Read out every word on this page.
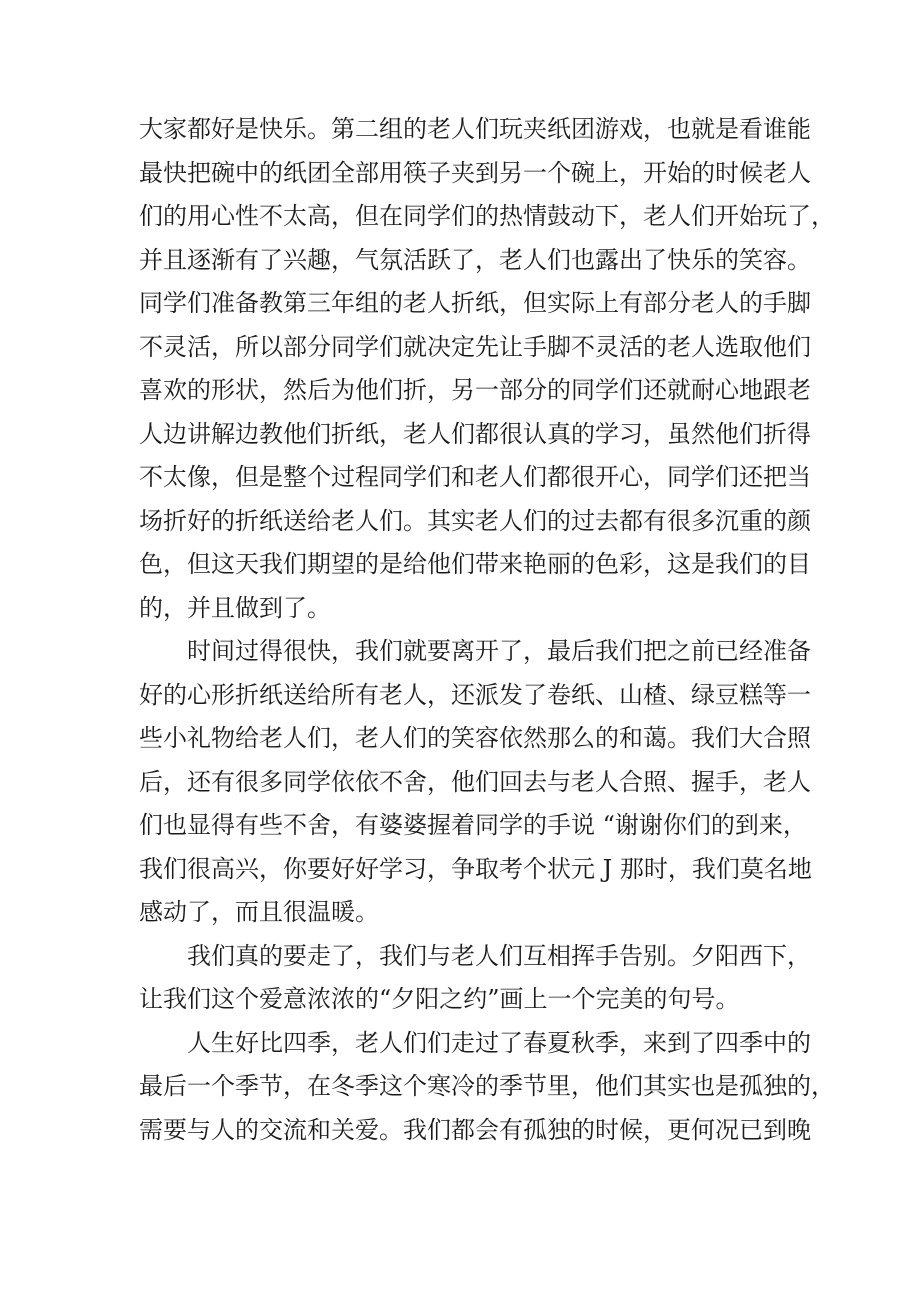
大家都好是快乐。第二组的老人们玩夹纸团游戏，也就是看谁能
最快把碗中的纸团全部用筷子夹到另一个碗上，开始的时候老人
们的用心性不太高，但在同学们的热情鼓动下，老人们开始玩了，
并且逐渐有了兴趣，气氛活跃了，老人们也露出了快乐的笑容。
同学们准备教第三年组的老人折纸，但实际上有部分老人的手脚
不灵活，所以部分同学们就决定先让手脚不灵活的老人选取他们
喜欢的形状，然后为他们折，另一部分的同学们还就耐心地跟老
人边讲解边教他们折纸，老人们都很认真的学习，虽然他们折得
不太像，但是整个过程同学们和老人们都很开心，同学们还把当
场折好的折纸送给老人们。其实老人们的过去都有很多沉重的颜
色，但这天我们期望的是给他们带来艳丽的色彩，这是我们的目
的，并且做到了。
时间过得很快，我们就要离开了，最后我们把之前已经准备
好的心形折纸送给所有老人，还派发了卷纸、山楂、绿豆糕等一
些小礼物给老人们，老人们的笑容依然那么的和蔼。我们大合照
后，还有很多同学依依不舍，他们回去与老人合照、握手，老人
们也显得有些不舍，有婆婆握着同学的手说 “谢谢你们的到来，
我们很高兴，你要好好学习，争取考个状元 J 那时，我们莫名地
感动了，而且很温暖。
我们真的要走了，我们与老人们互相挥手告别。夕阳西下，
让我们这个爱意浓浓的“夕阳之约”画上一个完美的句号。
人生好比四季，老人们们走过了春夏秋季，来到了四季中的
最后一个季节，在冬季这个寒冷的季节里，他们其实也是孤独的，
需要与人的交流和关爱。我们都会有孤独的时候，更何况已到晚
